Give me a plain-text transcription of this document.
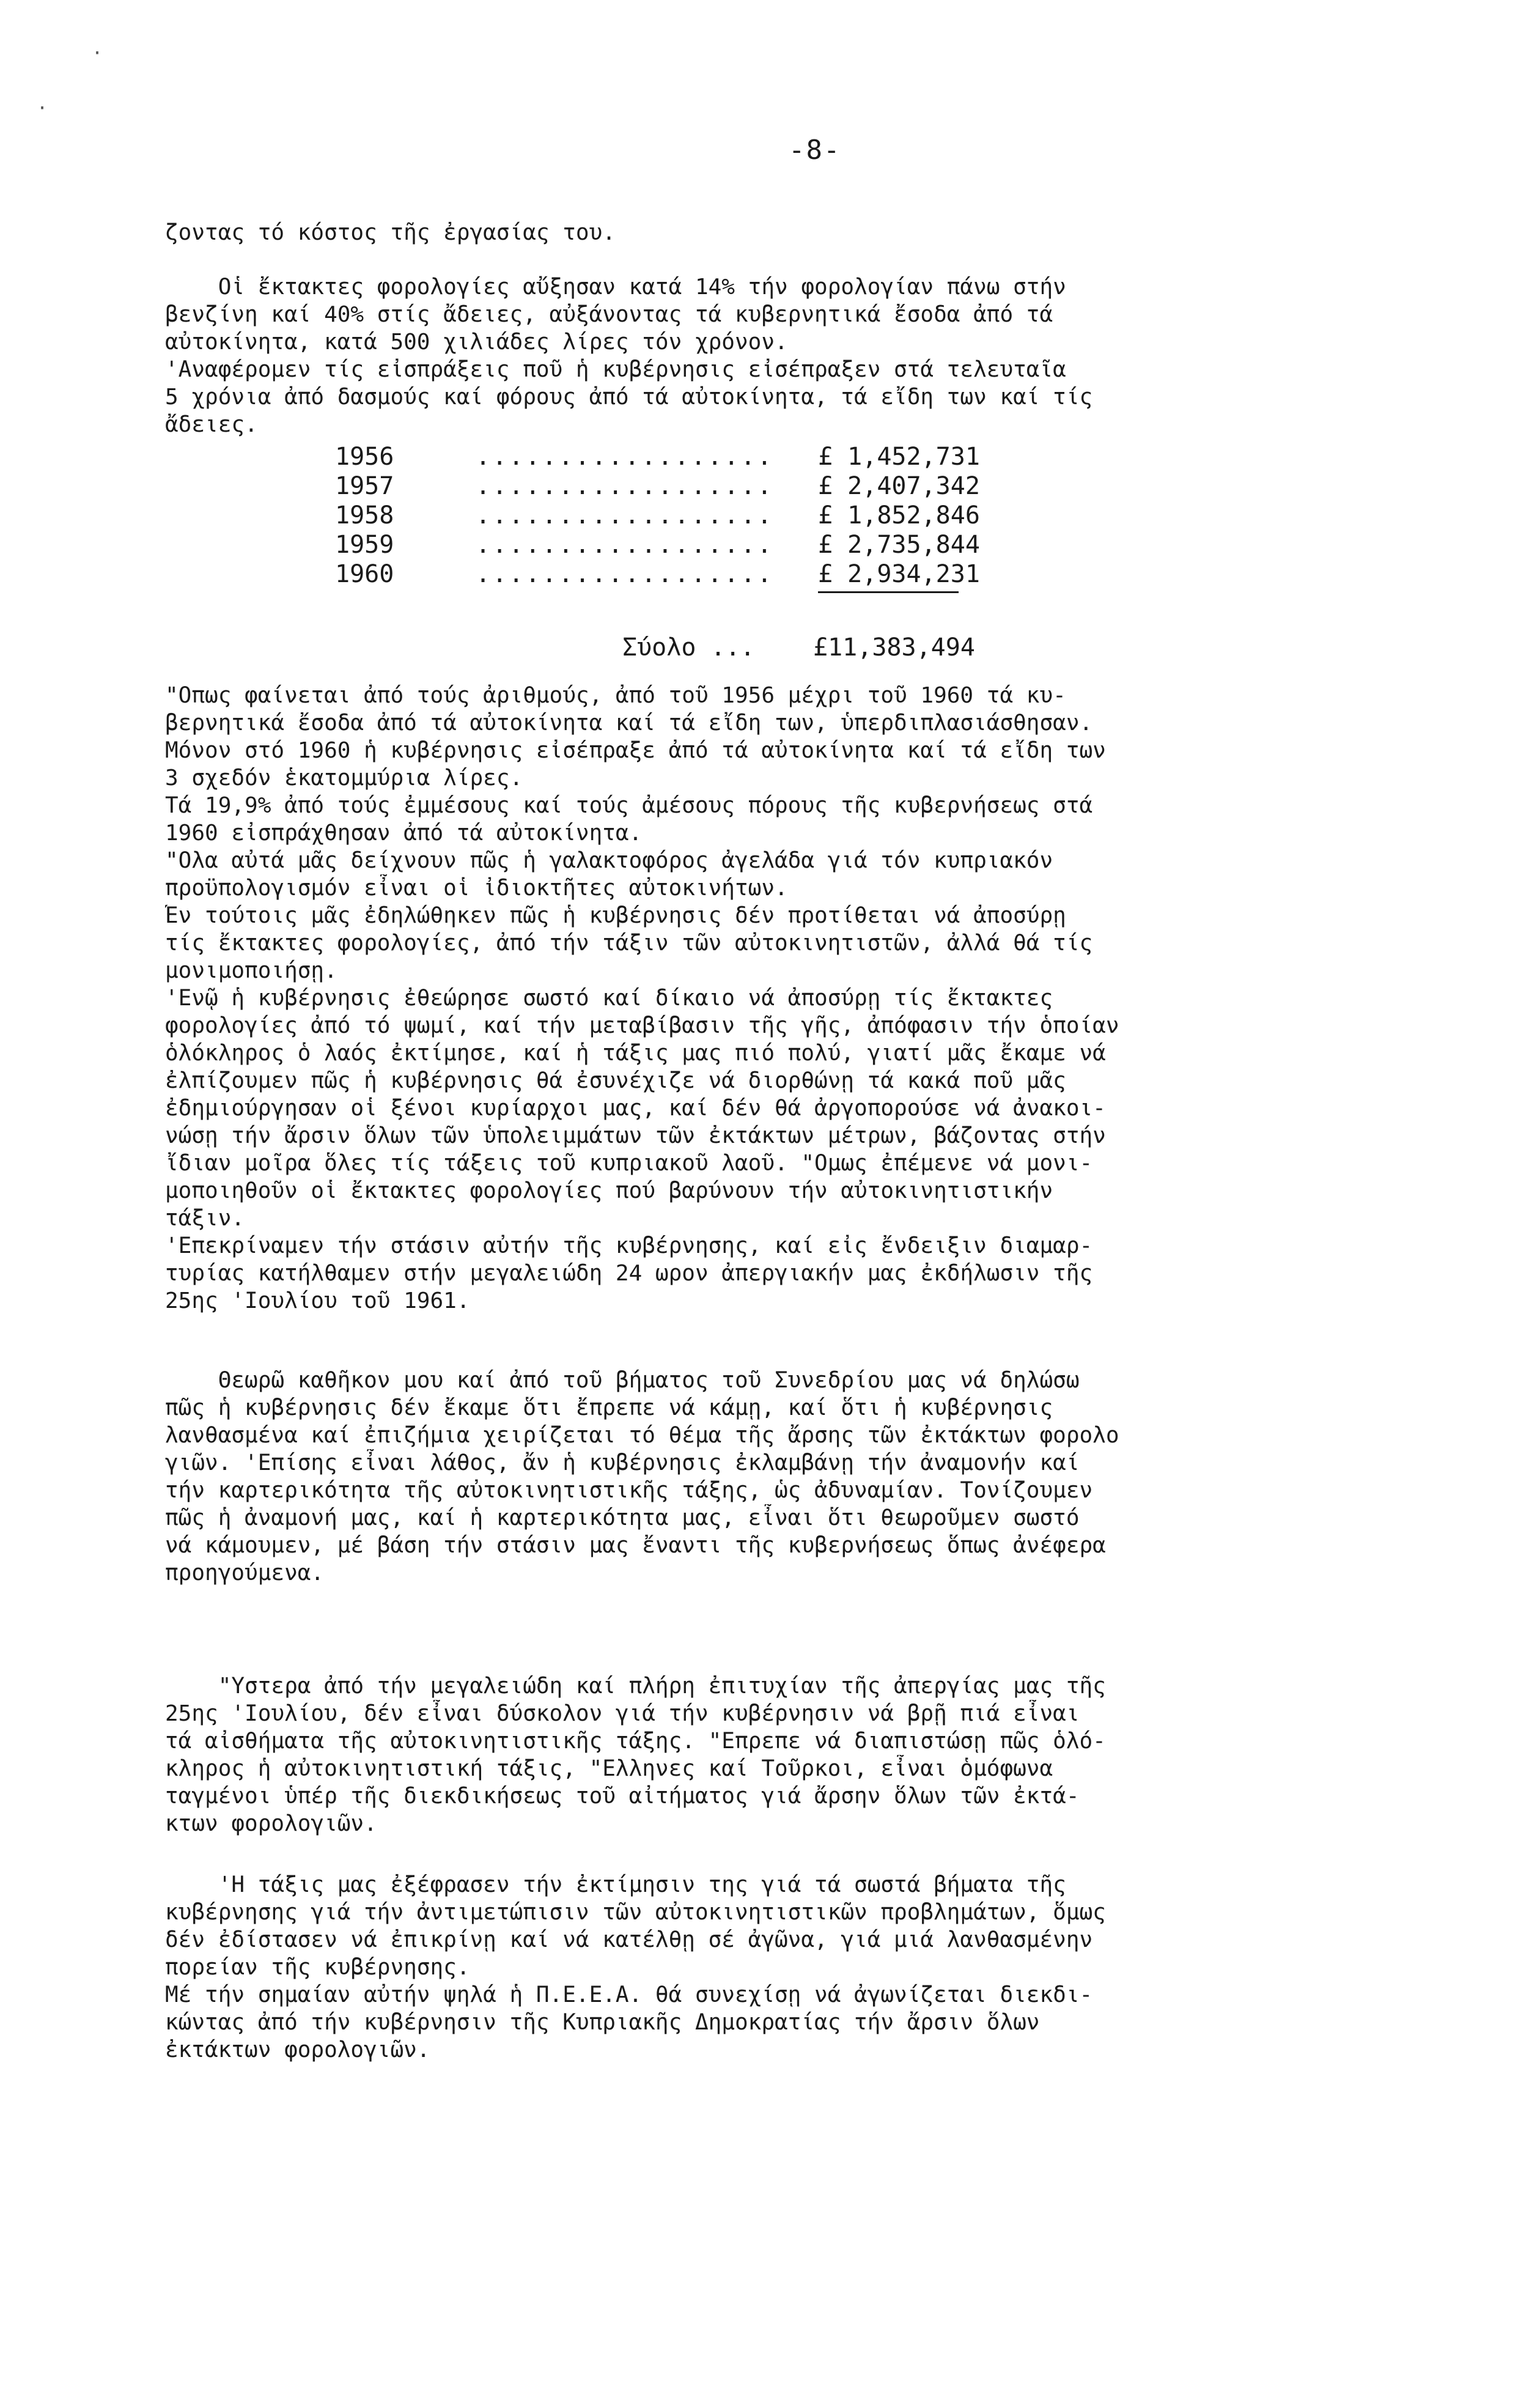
·
·
-8-
ζοντας τό κόστος τῆς ἐργασίας του.
Οἱ ἔκτακτες φορολογίες αὔξησαν κατά 14% τήν φορολογίαν πάνω στήν
βενζίνη καί 40% στίς ἄδειες, αὐξάνοντας τά κυβερνητικά ἔσοδα ἀπό τά
αὐτοκίνητα, κατά 500 χιλιάδες λίρες τόν χρόνον.
'Αναφέρομεν τίς εἰσπράξεις ποῦ ἡ κυβέρνησις εἰσέπραξεν στά τελευταῖα
5 χρόνια ἀπό δασμούς καί φόρους ἀπό τά αὐτοκίνητα, τά εἴδη των καί τίς
ἄδειες.
1956	.................. £ 1,452,731
1957	.................. £ 2,407,342
1958	.................. £ 1,852,846
1959	.................. £ 2,735,844
1960	.................. £ 2,934,231
Σύολο ... £11,383,494
"Οπως φαίνεται ἀπό τούς ἀριθμούς, ἀπό τοῦ 1956 μέχρι τοῦ 1960 τά κυ-
βερνητικά ἔσοδα ἀπό τά αὐτοκίνητα καί τά εἴδη των, ὑπερδιπλασιάσθησαν.
Μόνον στό 1960 ἡ κυβέρνησις εἰσέπραξε ἀπό τά αὐτοκίνητα καί τά εἴδη των
3 σχεδόν ἑκατομμύρια λίρες.
Τά 19,9% ἀπό τούς ἐμμέσους καί τούς ἀμέσους πόρους τῆς κυβερνήσεως στά
1960 εἰσπράχθησαν ἀπό τά αὐτοκίνητα.
"Ολα αὐτά μᾶς δείχνουν πῶς ἡ γαλακτοφόρος ἀγελάδα γιά τόν κυπριακόν
προϋπολογισμόν εἶναι οἱ ἰδιοκτῆτες αὐτοκινήτων.
Έν τούτοις μᾶς ἐδηλώθηκεν πῶς ἡ κυβέρνησις δέν προτίθεται νά ἀποσύρῃ
τίς ἔκτακτες φορολογίες, ἀπό τήν τάξιν τῶν αὐτοκινητιστῶν, ἀλλά θά τίς
μονιμοποιήσῃ.
'Ενῷ ἡ κυβέρνησις ἐθεώρησε σωστό καί δίκαιο νά ἀποσύρῃ τίς ἔκτακτες
φορολογίες ἀπό τό ψωμί, καί τήν μεταβίβασιν τῆς γῆς, ἀπόφασιν τήν ὁποίαν
ὁλόκληρος ὁ λαός ἐκτίμησε, καί ἡ τάξις μας πιό πολύ, γιατί μᾶς ἔκαμε νά
ἐλπίζουμεν πῶς ἡ κυβέρνησις θά ἐσυνέχιζε νά διορθώνῃ τά κακά ποῦ μᾶς
ἐδημιούργησαν οἱ ξένοι κυρίαρχοι μας, καί δέν θά ἀργοπορούσε νά ἀνακοι-
νώσῃ τήν ἄρσιν ὅλων τῶν ὑπολειμμάτων τῶν ἐκτάκτων μέτρων, βάζοντας στήν
ἴδιαν μοῖρα ὅλες τίς τάξεις τοῦ κυπριακοῦ λαοῦ. "Ομως ἐπέμενε νά μονι-
μοποιηθοῦν οἱ ἔκτακτες φορολογίες πού βαρύνουν τήν αὐτοκινητιστικήν
τάξιν.
'Επεκρίναμεν τήν στάσιν αὐτήν τῆς κυβέρνησης, καί εἰς ἔνδειξιν διαμαρ-
τυρίας κατήλθαμεν στήν μεγαλειώδη 24 ωρον ἀπεργιακήν μας ἐκδήλωσιν τῆς
25ης 'Ιουλίου τοῦ 1961.
Θεωρῶ καθῆκον μου καί ἀπό τοῦ βήματος τοῦ Συνεδρίου μας νά δηλώσω
πῶς ἡ κυβέρνησις δέν ἔκαμε ὅτι ἔπρεπε νά κάμῃ, καί ὅτι ἡ κυβέρνησις
λανθασμένα καί ἐπιζήμια χειρίζεται τό θέμα τῆς ἄρσης τῶν ἐκτάκτων φορολο
γιῶν. 'Επίσης εἶναι λάθος, ἄν ἡ κυβέρνησις ἐκλαμβάνῃ τήν ἀναμονήν καί
τήν καρτερικότητα τῆς αὐτοκινητιστικῆς τάξης, ὡς ἀδυναμίαν. Τονίζουμεν
πῶς ἡ ἀναμονή μας, καί ἡ καρτερικότητα μας, εἶναι ὅτι θεωροῦμεν σωστό
νά κάμουμεν, μέ βάση τήν στάσιν μας ἔναντι τῆς κυβερνήσεως ὅπως ἀνέφερα
προηγούμενα.
"Υστερα ἀπό τήν μεγαλειώδη καί πλήρη ἐπιτυχίαν τῆς ἀπεργίας μας τῆς
25ης 'Ιουλίου, δέν εἶναι δύσκολον γιά τήν κυβέρνησιν νά βρῇ πιά εἶναι
τά αἰσθήματα τῆς αὐτοκινητιστικῆς τάξης. "Επρεπε νά διαπιστώσῃ πῶς ὁλό-
κληρος ἡ αὐτοκινητιστική τάξις, "Ελληνες καί Τοῦρκοι, εἶναι ὁμόφωνα
ταγμένοι ὑπέρ τῆς διεκδικήσεως τοῦ αἰτήματος γιά ἄρσην ὅλων τῶν ἐκτά-
κτων φορολογιῶν.
'Η τάξις μας ἐξέφρασεν τήν ἐκτίμησιν της γιά τά σωστά βήματα τῆς
κυβέρνησης γιά τήν ἀντιμετώπισιν τῶν αὐτοκινητιστικῶν προβλημάτων, ὅμως
δέν ἐδίστασεν νά ἐπικρίνῃ καί νά κατέλθῃ σέ ἀγῶνα, γιά μιά λανθασμένην
πορείαν τῆς κυβέρνησης.
Μέ τήν σημαίαν αὐτήν ψηλά ἡ Π.Ε.Ε.Α. θά συνεχίσῃ νά ἀγωνίζεται διεκδι-
κώντας ἀπό τήν κυβέρνησιν τῆς Κυπριακῆς Δημοκρατίας τήν ἄρσιν ὅλων
ἐκτάκτων φορολογιῶν.
